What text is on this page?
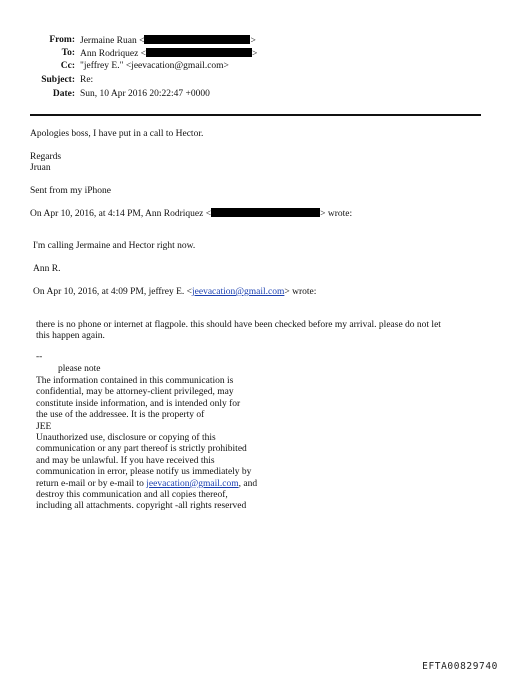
From: Jermaine Ruan <	>
To: Ann Rodriquez <	>
Cc: "jeffrey E." <jeevacation@gmail.com>
Subject: Re:
Date: Sun, 10 Apr 2016 20:22:47 +0000
Apologies boss, I have put in a call to Hector.
Regards
Jruan
Sent from my iPhone
On Apr 10, 2016, at 4:14 PM, Ann Rodriquez <	> wrote:
I'm calling Jermaine and Hector right now.
Ann R.
On Apr 10, 2016, at 4:09 PM, jeffrey E. <jeevacation@gmail.com> wrote:
there is no phone or internet at flagpole. this should have been checked before my arrival. please do not let
this happen again.
--
please note
The information contained in this communication is
confidential, may be attorney-client privileged, may
constitute inside information, and is intended only for
the use of the addressee. It is the property of
JEE
Unauthorized use, disclosure or copying of this
communication or any part thereof is strictly prohibited
and may be unlawful. If you have received this
communication in error, please notify us immediately by
return e-mail or by e-mail to jeevacation@gmail.com, and
destroy this communication and all copies thereof,
including all attachments. copyright -all rights reserved
EFTA00829740
